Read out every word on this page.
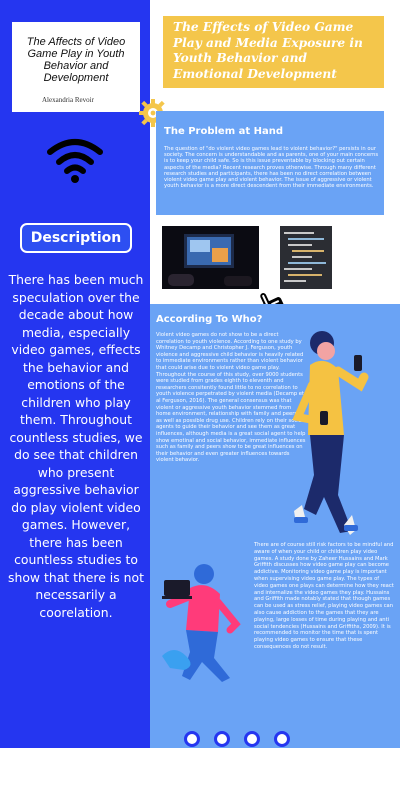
The Affects of Video Game Play in Youth Behavior and Development
Alexandria Revoir
Description
There has been much speculation over the decade about how media, especially video games, effects the behavior and emotions of the children who play them. Throughout countless studies, we do see that children who present aggressive behavior do play violent video games. However, there has been countless studies to show that there is not necessarily a coorelation.
The Effects of Video Game Play and Media Exposure in Youth Behavior and Emotional Development
The Problem at Hand

The question of "do violent video games lead to violent behavior?" persists in our society. The concern is understandable and as parents, one of your main concerns is to keep your child safe. So is this issue preventable by blocking out certain aspects of the media? Recent research proves otherwise. Through many different research studies and participants, there has been no direct correlation between violent video game play and violent behavior. The issue of aggressive or violent youth behavior is a more direct descendent from their immediate environments.

According To Who?

Violent video games do not show to be a direct correlation to youth violence. According to one study by Whitney Decamp and Christopher J. Ferguson, youth violence and aggressive child behavior is heavily related to immediate environments rather than violent behavior that could arise due to violent video game play. Throughout the course of this study, over 9000 students were studied from grades eighth to eleventh and researchers consitently found little to no correlation to youth violence perpetrated by violent media (Decamp et al Ferguson, 2016). The general consensus was that violent or aggressive youth behavior stemmed from home environment, relationship with family and peers, as well as possible drug use. Children rely on their social agents to guide their behavior and see them as great influences, although media is a great social agent to help show emotinal and social behavior, immediate influences such as family and peers show to be great influences on their behavior and even greater influences towards violent behavior.

There are of course still risk factors to be mindful and aware of when your child or children play video games. A study done by Zaheer Hussains and Mark Griffith discusses how video game play can become addictive. Monitoring video game play is important when supervising video game play. The types of video games one plays can determine how they react and internalize the video games they play. Hussains and Griffith made notably stated that though games can be used as stress relief, playing video games can also cause addiction to the games that they are playing, large losses of time during playing and anti social tendencies (Hussains and Griffiths, 2009). It is recommended to monitor the time that is spent playing video games to ensure that these consequences do not result.
